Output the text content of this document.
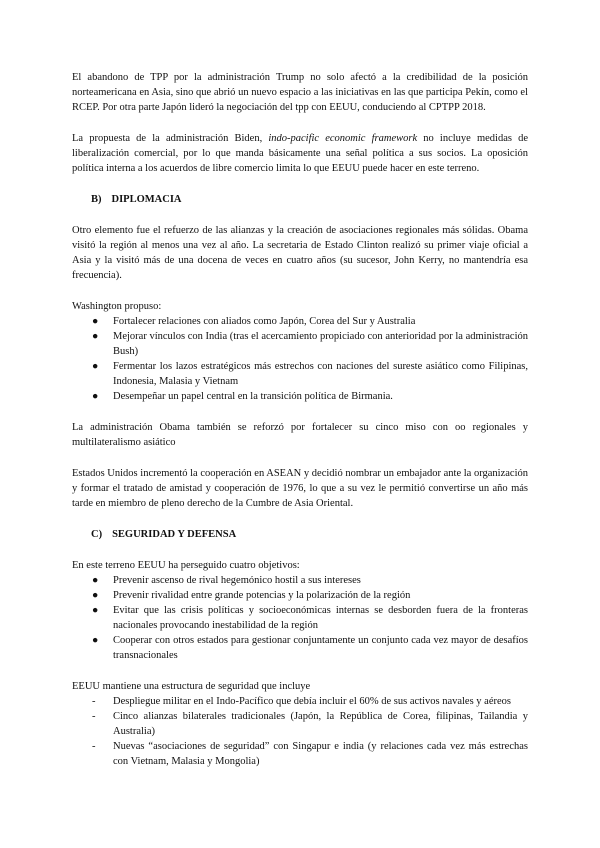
El abandono de TPP por la administración Trump no solo afectó a la credibilidad de la posición norteamericana en Asia, sino que abrió un nuevo espacio a las iniciativas en las que participa Pekín, como el RCEP. Por otra parte Japón lideró la negociación del tpp con EEUU, conduciendo al CPTPP 2018.

La propuesta de la administración Biden, indo-pacific economic framework no incluye medidas de liberalización comercial, por lo que manda básicamente una señal política a sus socios. La oposición política interna a los acuerdos de libre comercio limita lo que EEUU puede hacer en este terreno.

B) DIPLOMACIA

Otro elemento fue el refuerzo de las alianzas y la creación de asociaciones regionales más sólidas. Obama visitó la región al menos una vez al año. La secretaria de Estado Clinton realizó su primer viaje oficial a Asia y la visitó más de una docena de veces en cuatro años (su sucesor, John Kerry, no mantendría esa frecuencia).

Washington propuso:

● Fortalecer relaciones con aliados como Japón, Corea del Sur y Australia
● Mejorar vínculos con India (tras el acercamiento propiciado con anterioridad por la administración Bush)
● Fermentar los lazos estratégicos más estrechos con naciones del sureste asiático como Filipinas, Indonesia, Malasia y Vietnam
● Desempeñar un papel central en la transición política de Birmania.

La administración Obama también se reforzó por fortalecer su cinco miso con oo regionales y multilateralismo asiático

Estados Unidos incrementó la cooperación en ASEAN y decidió nombrar un embajador ante la organización y formar el tratado de amistad y cooperación de 1976, lo que a su vez le permitió convertirse un año más tarde en miembro de pleno derecho de la Cumbre de Asia Oriental.

C) SEGURIDAD Y DEFENSA

En este terreno EEUU ha perseguido cuatro objetivos:

● Prevenir ascenso de rival hegemónico hostil a sus intereses
● Prevenir rivalidad entre grande potencias y la polarización de la región
● Evitar que las crisis políticas y socioeconómicas internas se desborden fuera de la fronteras nacionales provocando inestabilidad de la región
● Cooperar con otros estados para gestionar conjuntamente un conjunto cada vez mayor de desafíos transnacionales

EEUU mantiene una estructura de seguridad que incluye

- Despliegue militar en el Indo-Pacífico que debía incluir el 60% de sus activos navales y aéreos
- Cinco alianzas bilaterales tradicionales (Japón, la República de Corea, filipinas, Tailandia y Australia)
- Nuevas “asociaciones de seguridad” con Singapur e india (y relaciones cada vez más estrechas con Vietnam, Malasia y Mongolia)
